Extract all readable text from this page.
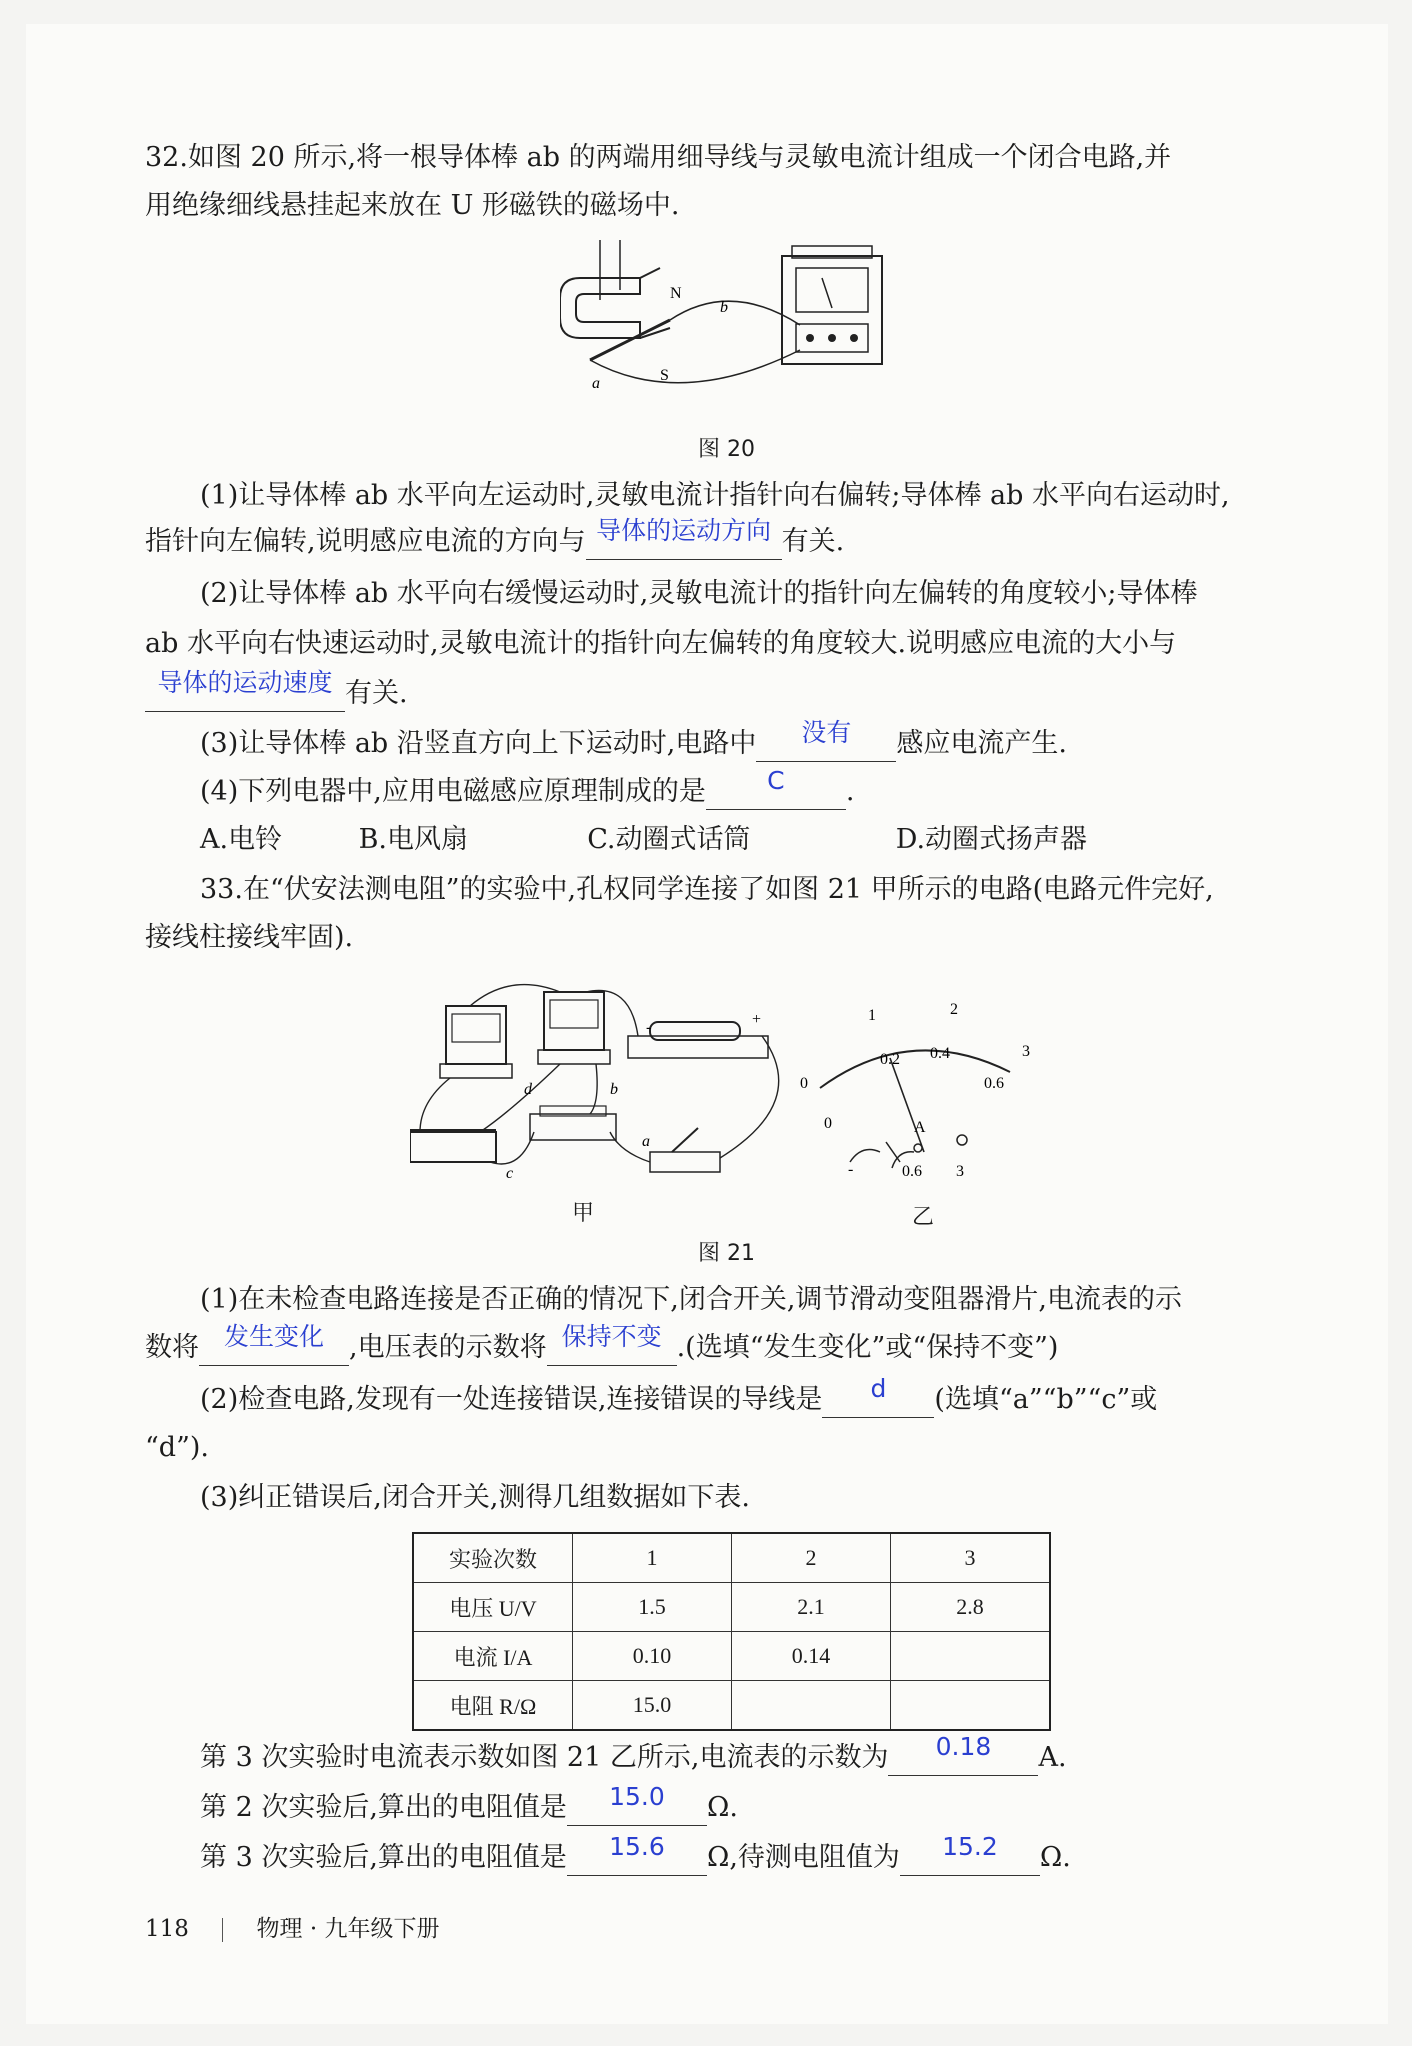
32.如图 20 所示,将一根导体棒 ab 的两端用细导线与灵敏电流计组成一个闭合电路,并
用绝缘细线悬挂起来放在 U 形磁铁的磁场中.
N
S
a
b
图 20
(1)让导体棒 ab 水平向左运动时,灵敏电流计指针向右偏转;导体棒 ab 水平向右运动时,
指针向左偏转,说明感应电流的方向与 导体的运动方向 有关.
(2)让导体棒 ab 水平向右缓慢运动时,灵敏电流计的指针向左偏转的角度较小;导体棒
ab 水平向右快速运动时,灵敏电流计的指针向左偏转的角度较大.说明感应电流的大小与
导体的运动速度 有关.
(3)让导体棒 ab 沿竖直方向上下运动时,电路中 没有 感应电流产生.
(4)下列电器中,应用电磁感应原理制成的是 C .
A.电铃	B.电风扇	C.动圈式话筒	D.动圈式扬声器
33.在“伏安法测电阻”的实验中,孔权同学连接了如图 21 甲所示的电路(电路元件完好,
接线柱接线牢固).
d	b
c
a
-	+
0
1	2
3
0
0.2 0.4
0.6
A
-	0.6 3
甲	乙
图 21
(1)在未检查电路连接是否正确的情况下,闭合开关,调节滑动变阻器滑片,电流表的示
数将 发生变化 ,电压表的示数将 保持不变 .(选填“发生变化”或“保持不变”)
(2)检查电路,发现有一处连接错误,连接错误的导线是 d (选填“a”“b”“c”或
“d”).
(3)纠正错误后,闭合开关,测得几组数据如下表.
实验次数	1	2	3
电压 U/V	1.5	2.1	2.8
电流 I/A	0.10	0.14	
电阻 R/Ω	15.0		
第 3 次实验时电流表示数如图 21 乙所示,电流表的示数为 0.18 A.
第 2 次实验后,算出的电阻值是 15.0 Ω.
第 3 次实验后,算出的电阻值是 15.6 Ω,待测电阻值为 15.2 Ω.
118	物理 · 九年级下册
